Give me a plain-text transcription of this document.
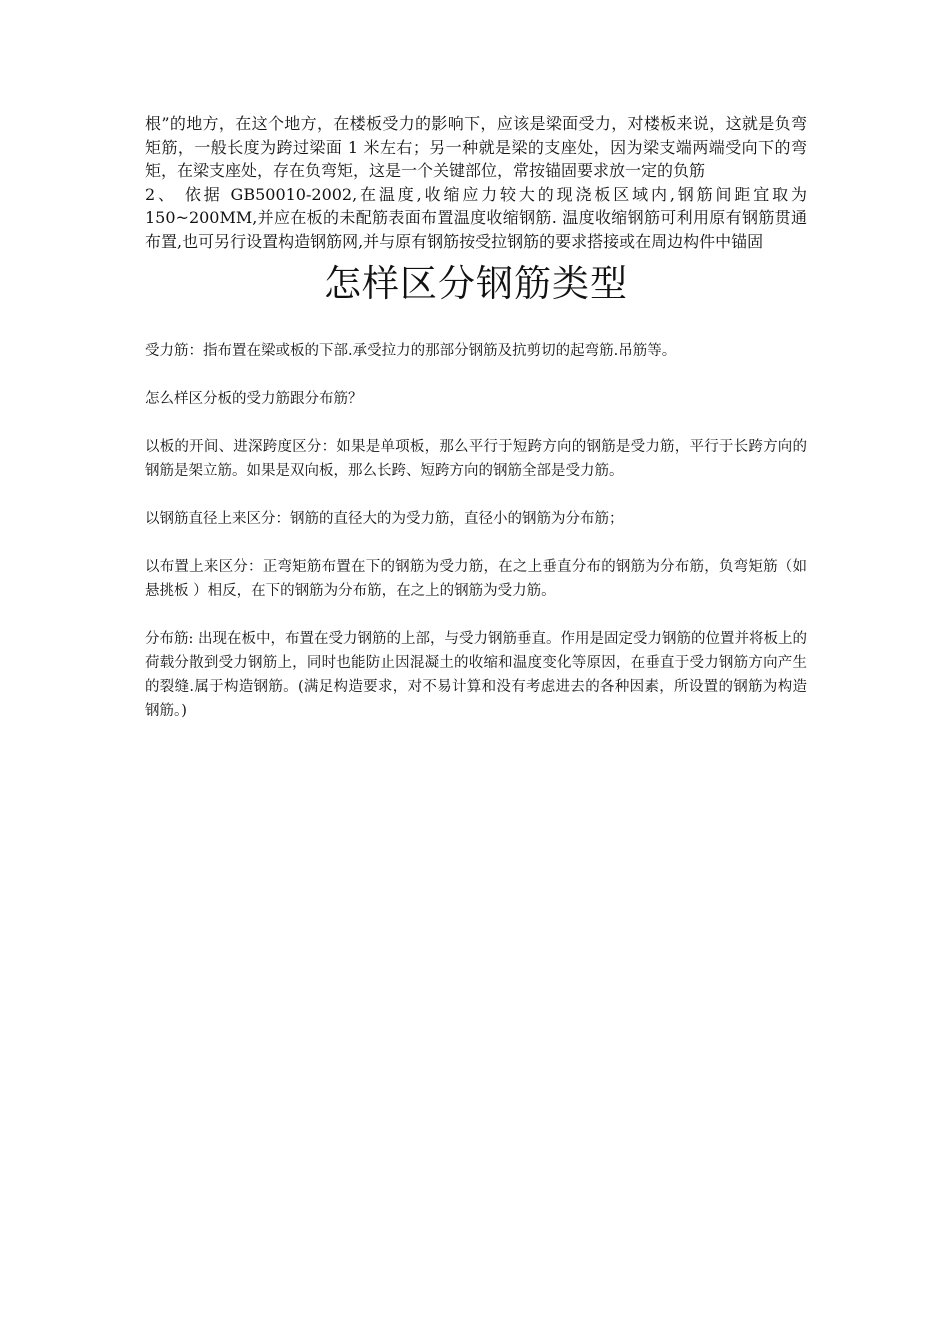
根”的地方，在这个地方，在楼板受力的影响下，应该是梁面受力，对楼板来说，这就是负弯矩筋，一般长度为跨过梁面 1 米左右；另一种就是梁的支座处，因为梁支端两端受向下的弯矩，在梁支座处，存在负弯矩，这是一个关键部位，常按锚固要求放一定的负筋

2、 依据 GB50010-2002,在温度,收缩应力较大的现浇板区域内,钢筋间距宜取为 150~200MM,并应在板的未配筋表面布置温度收缩钢筋. 温度收缩钢筋可利用原有钢筋贯通布置,也可另行设置构造钢筋网,并与原有钢筋按受拉钢筋的要求搭接或在周边构件中锚固

怎样区分钢筋类型

受力筋：指布置在梁或板的下部.承受拉力的那部分钢筋及抗剪切的起弯筋.吊筋等。

怎么样区分板的受力筋跟分布筋？

以板的开间、进深跨度区分：如果是单项板，那么平行于短跨方向的钢筋是受力筋，平行于长跨方向的钢筋是架立筋。如果是双向板，那么长跨、短跨方向的钢筋全部是受力筋。

以钢筋直径上来区分：钢筋的直径大的为受力筋，直径小的钢筋为分布筋；

以布置上来区分：正弯矩筋布置在下的钢筋为受力筋，在之上垂直分布的钢筋为分布筋，负弯矩筋（如悬挑板 ）相反，在下的钢筋为分布筋，在之上的钢筋为受力筋。

分布筋: 出现在板中，布置在受力钢筋的上部，与受力钢筋垂直。作用是固定受力钢筋的位置并将板上的荷载分散到受力钢筋上，同时也能防止因混凝土的收缩和温度变化等原因，在垂直于受力钢筋方向产生的裂缝.属于构造钢筋。(满足构造要求，对不易计算和没有考虑进去的各种因素，所设置的钢筋为构造钢筋。)
